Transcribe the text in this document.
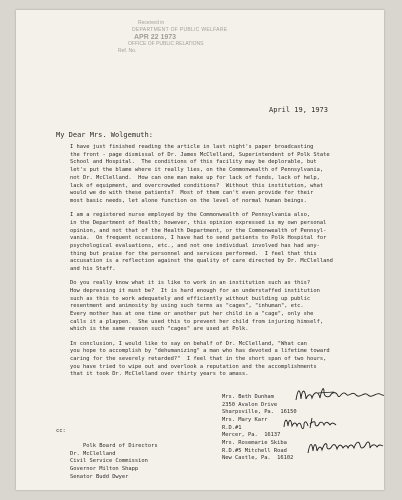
Received in
DEPARTMENT OF PUBLIC WELFARE
APR 22 1973
OFFICE OF PUBLIC RELATIONS
Ref. No.
April 19, 1973
My Dear Mrs. Wolgemuth:

I have just finished reading the article in last night's paper broadcasting
the front - page dismissal of Dr. James McClelland, Superintendent of Polk State
School and Hospital.  The conditions of this facility may be deplorable, but
let's put the blame where it really lies, on the Commonwealth of Pennsylvania,
not Dr. McClelland.  How can one man make up for lack of funds, lack of help,
lack of equipment, and overcrowded conditions?  Without this institution, what
would we do with these patients?  Most of them can't even provide for their
most basic needs, let alone function on the level of normal human beings.

I am a registered nurse employed by the Commonwealth of Pennsylvania also,
in the Department of Health; however, this opinion expressed is my own personal
opinion, and not that of the Health Department, or the Commonwealth of Pennsyl-
vania.  On frequent occasions, I have had to send patients to Polk Hospital for
psychological evaluations, etc., and not one individual involved has had any-
thing but praise for the personnel and services performed.  I feel that this
accusation is a reflection against the quality of care directed by Dr. McClelland
and his Staff.

Do you really know what it is like to work in an institution such as this?
How depressing it must be?  It is hard enough for an understaffed institution
such as this to work adequately and efficiently without building up public
resentment and animosity by using such terms as "cages", "inhuman", etc.
Every mother has at one time or another put her child in a "cage", only she
calls it a playpen.  She used this to prevent her child from injuring himself,
which is the same reason such "cages" are used at Polk.

In conclusion, I would like to say on behalf of Dr. McClelland, "What can
you hope to accomplish by "dehumanizing" a man who has devoted a lifetime toward
caring for the severely retarded?"  I feel that in the short span of two hours,
you have tried to wipe out and overlook a reputation and the accomplishments
that it took Dr. McClelland over thirty years to amass.

Mrs. Beth Dunham
2350 Avalon Drive
Sharpsville, Pa.  16150
Mrs. Mary Karr
R.D.#1
Mercer, Pa.  16137
Mrs. Rosemarie Skiba
R.D.#5 Mitchell Road
New Castle, Pa.  16102

cc:

Polk Board of Directors
Dr. McClelland
Civil Service Commission
Governor Milton Shapp
Senator Budd Dwyer
